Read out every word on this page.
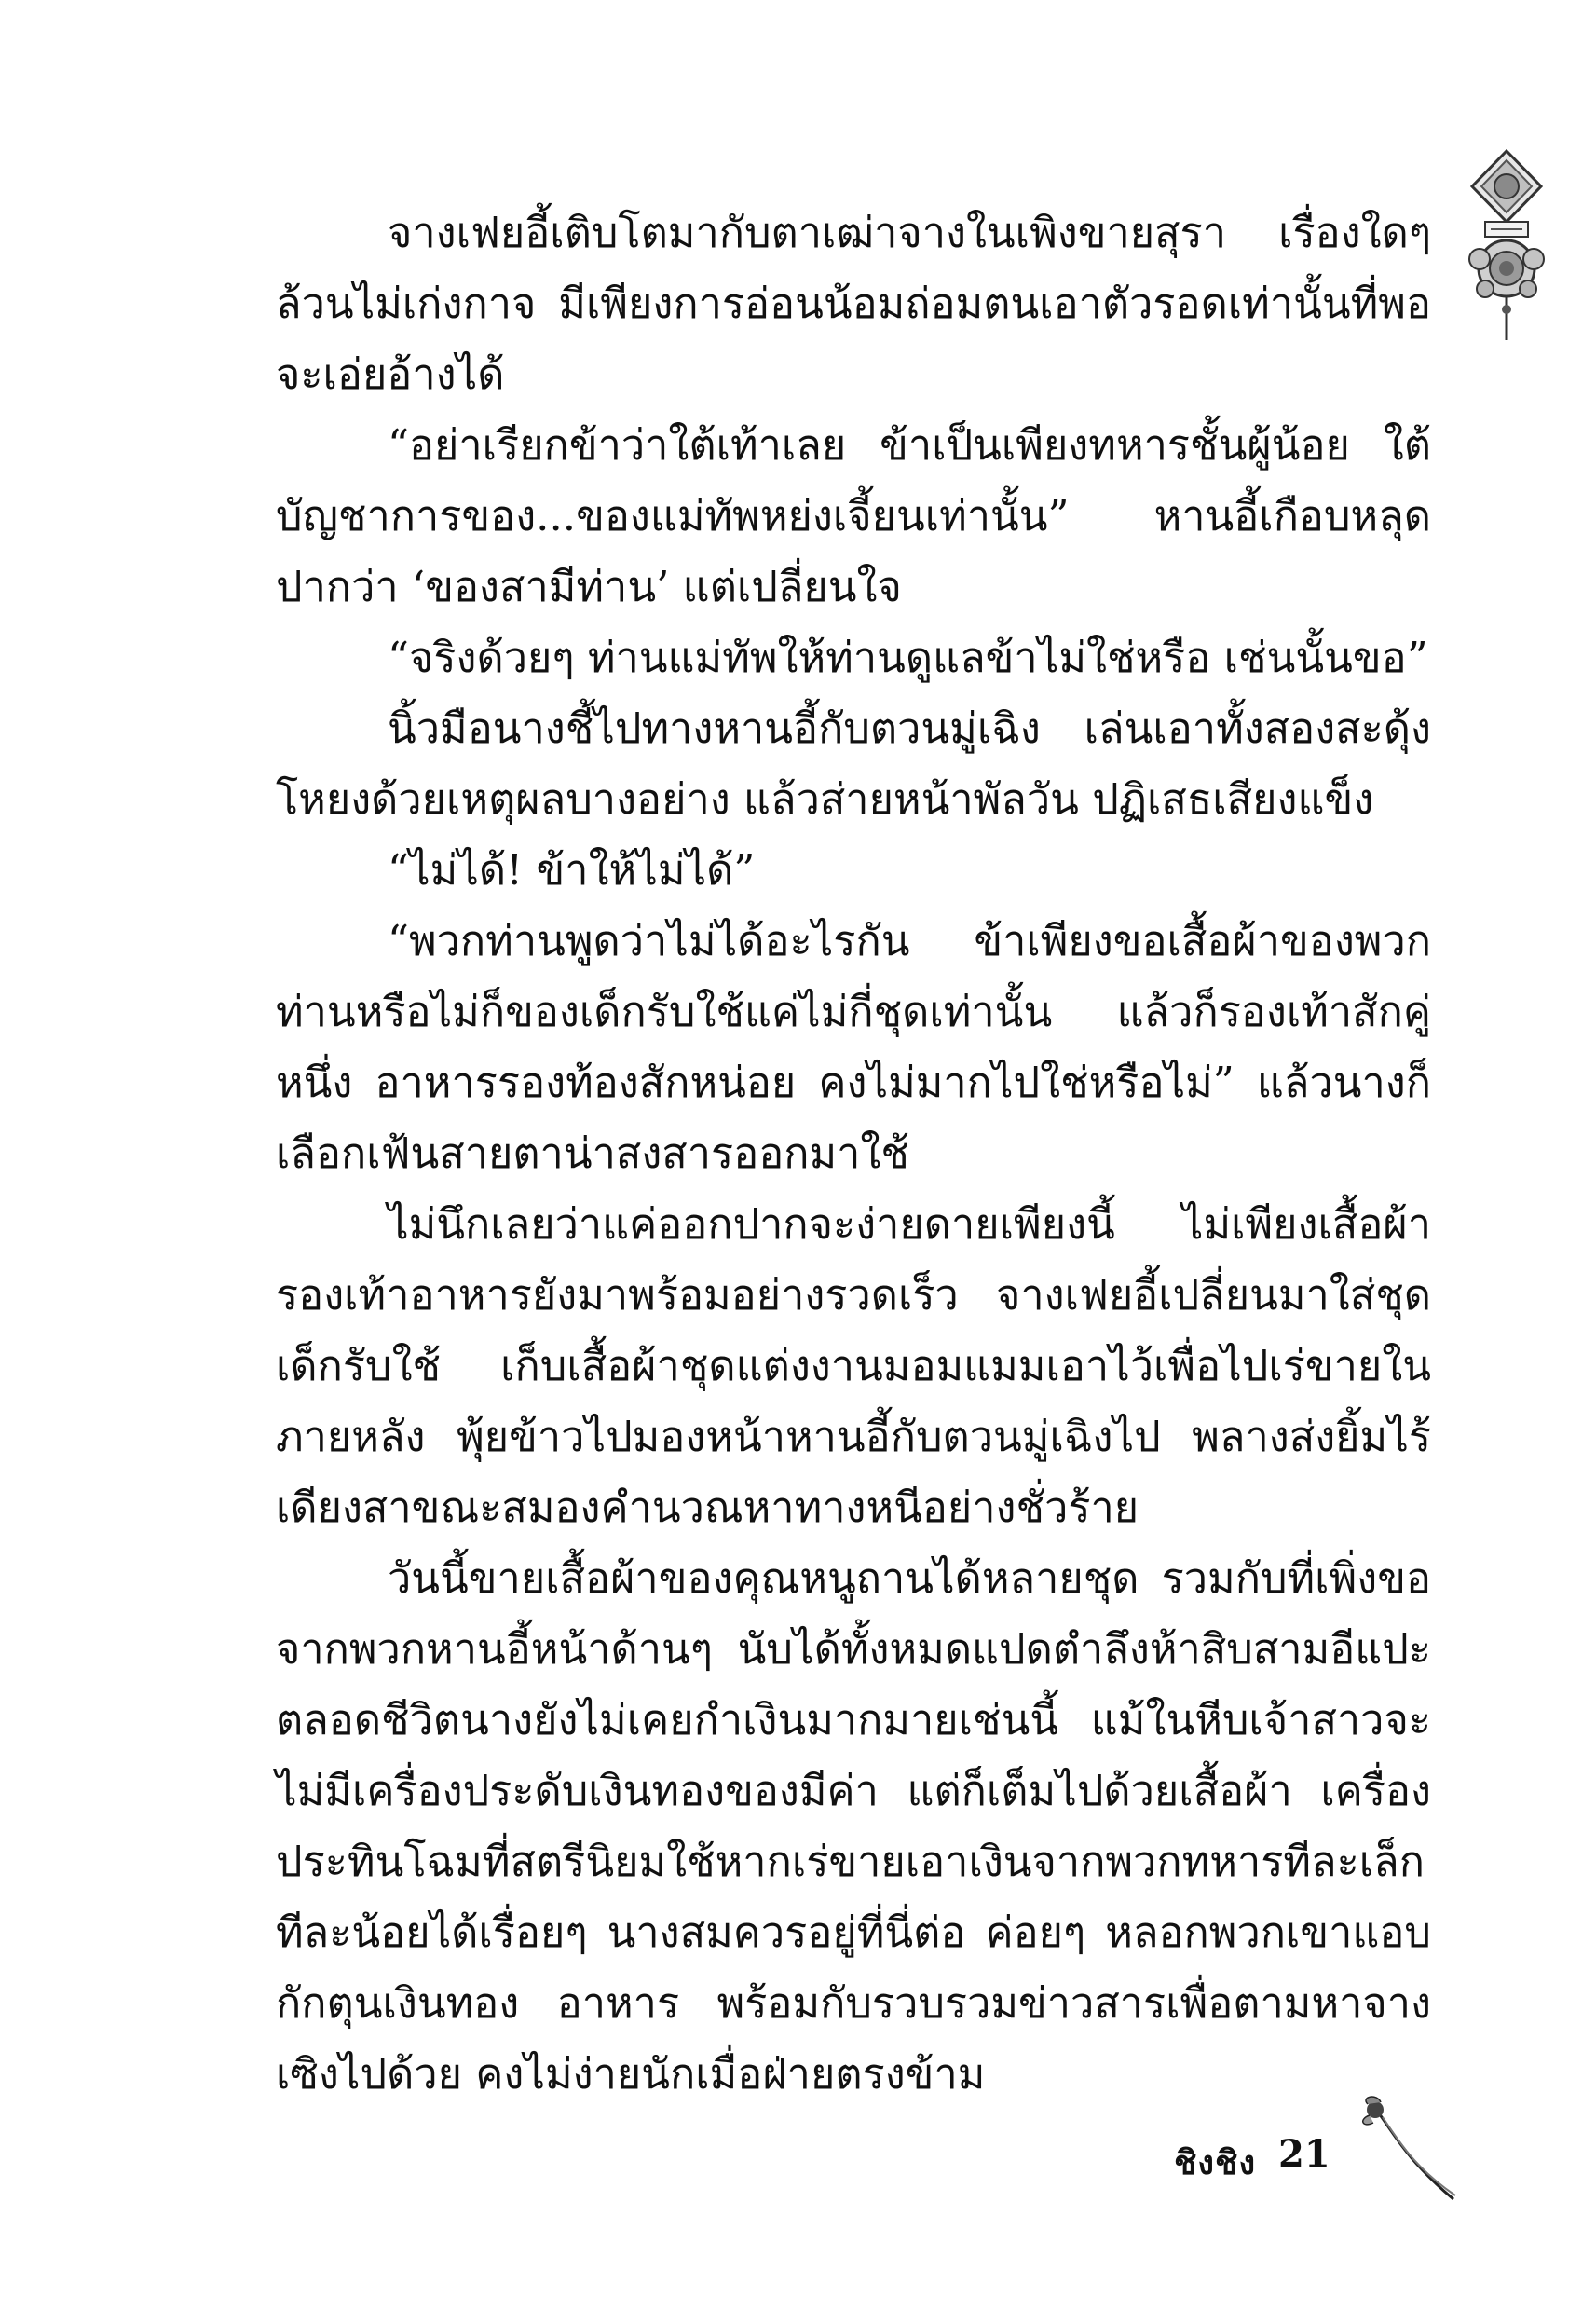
จางเฟยอี้เติบโตมากับตาเฒ่าจางในเพิงขายสุรา เรื่องใดๆ ล้วนไม่เก่งกาจ มีเพียงการอ่อนน้อมถ่อมตนเอาตัวรอดเท่านั้นที่พอจะเอ่ยอ้างได้

“อย่าเรียกข้าว่าใต้เท้าเลย ข้าเป็นเพียงทหารชั้นผู้น้อย ใต้บัญชาการของ...ของแม่ทัพหย่งเจี้ยนเท่านั้น” หานอี้เกือบหลุดปากว่า ‘ของสามีท่าน’ แต่เปลี่ยนใจ

“จริงด้วยๆ ท่านแม่ทัพให้ท่านดูแลข้าไม่ใช่หรือ เช่นนั้นขอ”

นิ้วมือนางชี้ไปทางหานอี้กับตวนมู่เฉิง เล่นเอาทั้งสองสะดุ้งโหยงด้วยเหตุผลบางอย่าง แล้วส่ายหน้าพัลวัน ปฏิเสธเสียงแข็ง

“ไม่ได้! ข้าให้ไม่ได้”

“พวกท่านพูดว่าไม่ได้อะไรกัน ข้าเพียงขอเสื้อผ้าของพวกท่านหรือไม่ก็ของเด็กรับใช้แค่ไม่กี่ชุดเท่านั้น แล้วก็รองเท้าสักคู่หนึ่ง อาหารรองท้องสักหน่อย คงไม่มากไปใช่หรือไม่” แล้วนางก็เลือกเฟ้นสายตาน่าสงสารออกมาใช้

ไม่นึกเลยว่าแค่ออกปากจะง่ายดายเพียงนี้ ไม่เพียงเสื้อผ้ารองเท้าอาหารยังมาพร้อมอย่างรวดเร็ว จางเฟยอี้เปลี่ยนมาใส่ชุดเด็กรับใช้ เก็บเสื้อผ้าชุดแต่งงานมอมแมมเอาไว้เพื่อไปเร่ขายในภายหลัง พุ้ยข้าวไปมองหน้าหานอี้กับตวนมู่เฉิงไป พลางส่งยิ้มไร้เดียงสาขณะสมองคำนวณหาทางหนีอย่างชั่วร้าย

วันนี้ขายเสื้อผ้าของคุณหนูถานได้หลายชุด รวมกับที่เพิ่งขอจากพวกหานอี้หน้าด้านๆ นับได้ทั้งหมดแปดตำลึงห้าสิบสามอีแปะ ตลอดชีวิตนางยังไม่เคยกำเงินมากมายเช่นนี้ แม้ในหีบเจ้าสาวจะไม่มีเครื่องประดับเงินทองของมีค่า แต่ก็เต็มไปด้วยเสื้อผ้า เครื่องประทินโฉมที่สตรีนิยมใช้หากเร่ขายเอาเงินจากพวกทหารทีละเล็กทีละน้อยได้เรื่อยๆ นางสมควรอยู่ที่นี่ต่อ ค่อยๆ หลอกพวกเขาแอบกักตุนเงินทอง อาหาร พร้อมกับรวบรวมข่าวสารเพื่อตามหาจางเซิงไปด้วย คงไม่ง่ายนักเมื่อฝ่ายตรงข้าม

ชิงชิง 21
